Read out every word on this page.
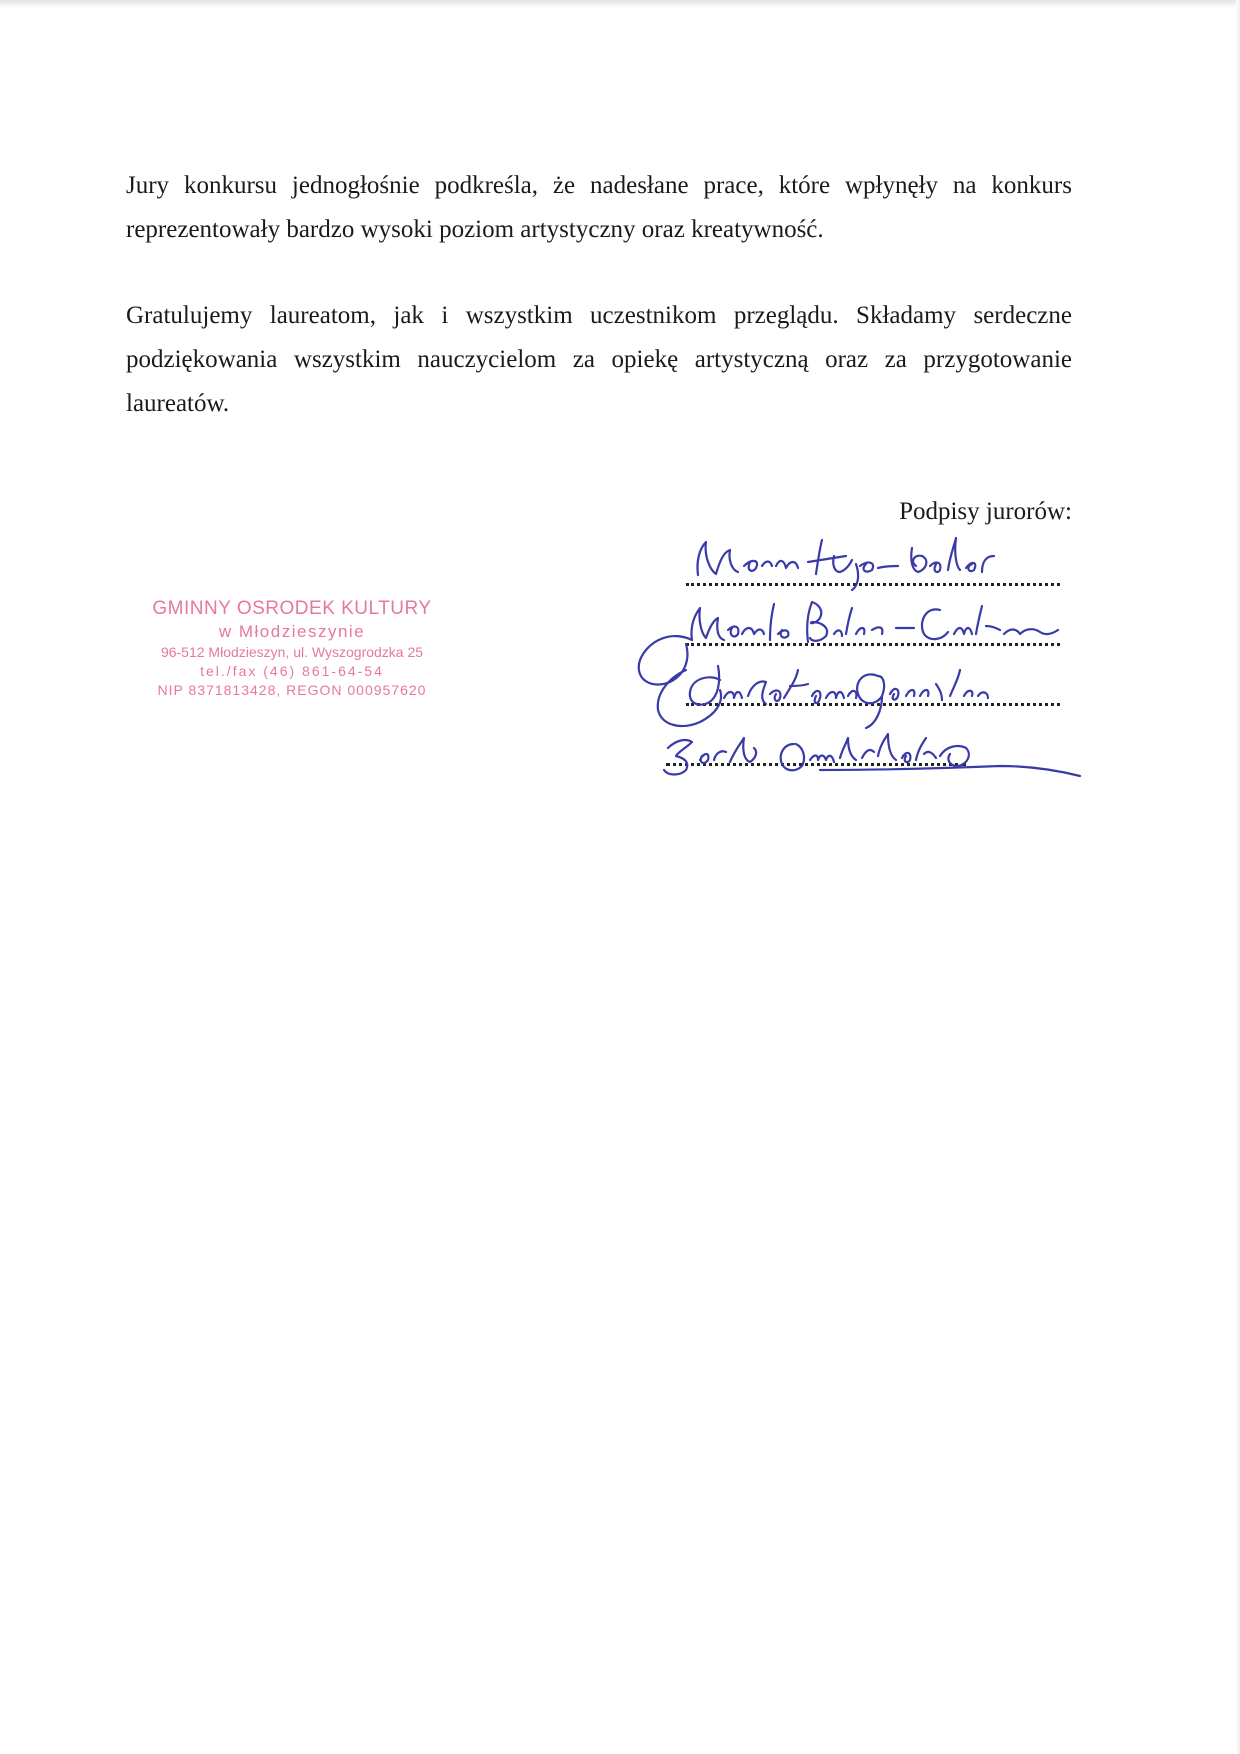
Jury konkursu jednogłośnie podkreśla, że nadesłane prace, które wpłynęły na konkurs reprezentowały bardzo wysoki poziom artystyczny oraz kreatywność.

Gratulujemy laureatom, jak i wszystkim uczestnikom przeglądu. Składamy serdeczne podziękowania wszystkim nauczycielom za opiekę artystyczną oraz za przygotowanie laureatów.

Podpisy jurorów:

GMINNY OSRODEK KULTURY
w Młodzieszynie
96-512 Młodzieszyn, ul. Wyszogrodzka 25
tel./fax (46) 861-64-54
NIP 8371813428, REGON 000957620
